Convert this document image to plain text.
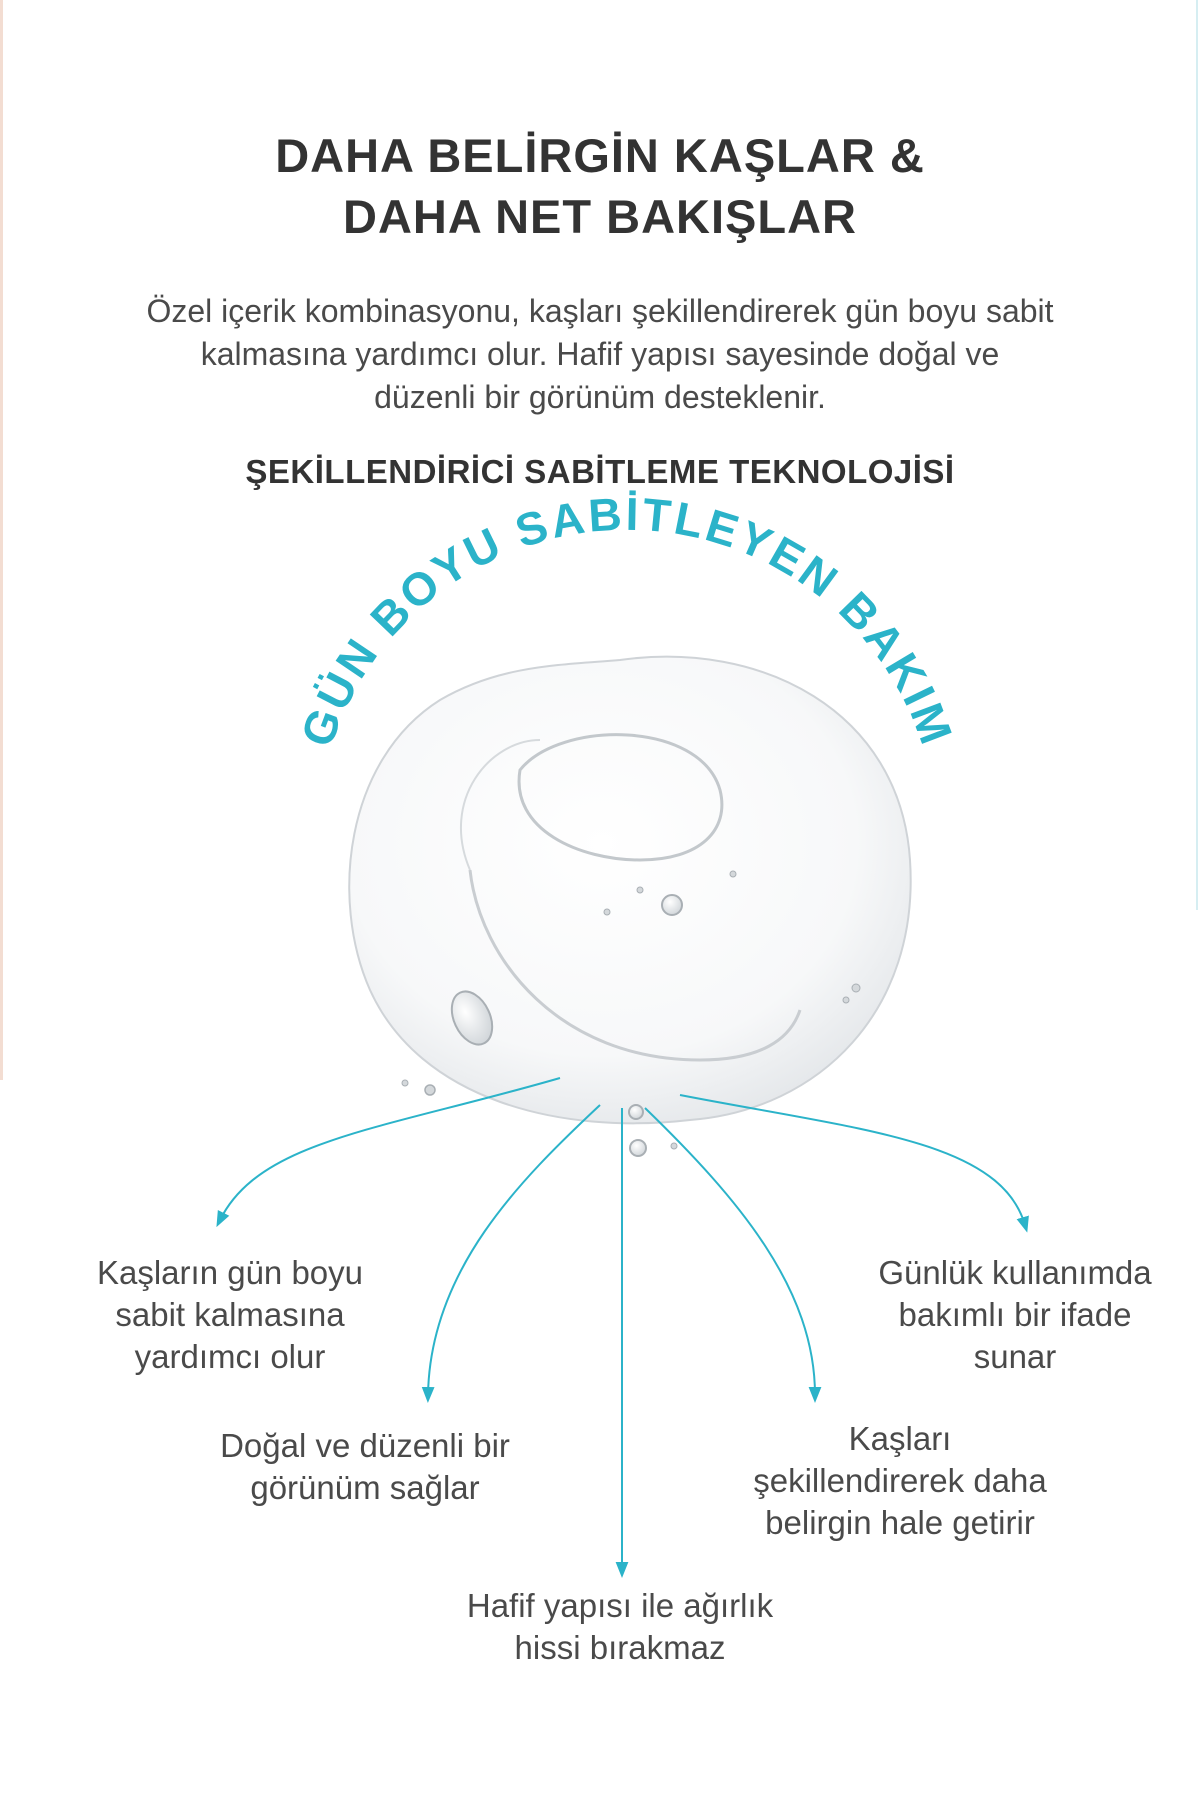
DAHA BELİRGİN KAŞLAR &
DAHA NET BAKIŞLAR
Özel içerik kombinasyonu, kaşları şekillendirerek gün boyu sabit
kalmasına yardımcı olur. Hafif yapısı sayesinde doğal ve
düzenli bir görünüm desteklenir.
ŞEKİLLENDİRİCİ SABİTLEME TEKNOLOJİSİ
GÜN BOYU SABİTLEYEN BAKIM
Kaşların gün boyu
sabit kalmasına
yardımcı olur
Doğal ve düzenli bir
görünüm sağlar
Hafif yapısı ile ağırlık
hissi bırakmaz
Kaşları
şekillendirerek daha
belirgin hale getirir
Günlük kullanımda
bakımlı bir ifade
sunar
